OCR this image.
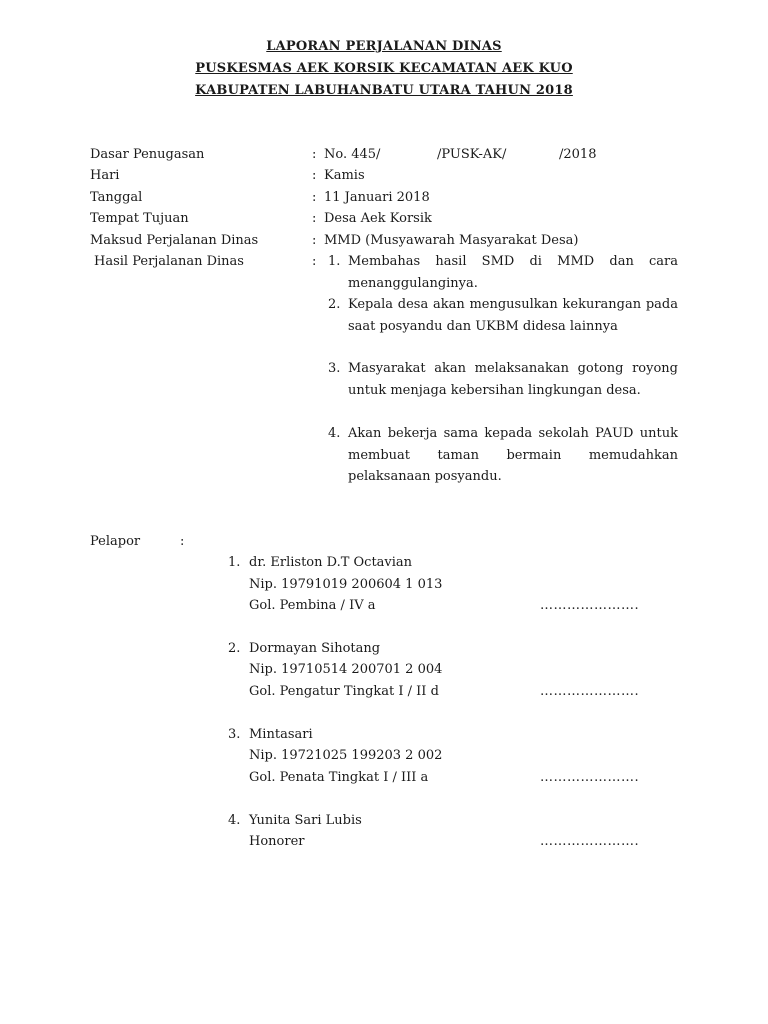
LAPORAN PERJALANAN DINAS
PUSKESMAS AEK KORSIK KECAMATAN AEK KUO
KABUPATEN LABUHANBATU UTARA TAHUN 2018
Dasar Penugasan	: No. 445/	/PUSK-AK/	/2018
Hari	: Kamis
Tanggal	: 11 Januari 2018
Tempat Tujuan	: Desa Aek Korsik
Maksud Perjalanan Dinas	: MMD (Musyawarah Masyarakat Desa)
Hasil Perjalanan Dinas	: 1. Membahas hasil SMD di MMD dan cara menanggulanginya.
2. Kepala desa akan mengusulkan kekurangan pada saat posyandu dan UKBM didesa lainnya
3. Masyarakat akan melaksanakan gotong royong untuk menjaga kebersihan lingkungan desa.
4. Akan bekerja sama kepada sekolah PAUD untuk membuat taman bermain memudahkan pelaksanaan posyandu.
Pelapor	:
1. dr. Erliston D.T Octavian
Nip. 19791019 200604 1 013
Gol. Pembina / IV a	………………….
2. Dormayan Sihotang
Nip. 19710514 200701 2 004
Gol. Pengatur Tingkat I / II d	………………….
3. Mintasari
Nip. 19721025 199203 2 002
Gol. Penata Tingkat I / III a	………………….
4. Yunita Sari Lubis
Honorer	………………….
